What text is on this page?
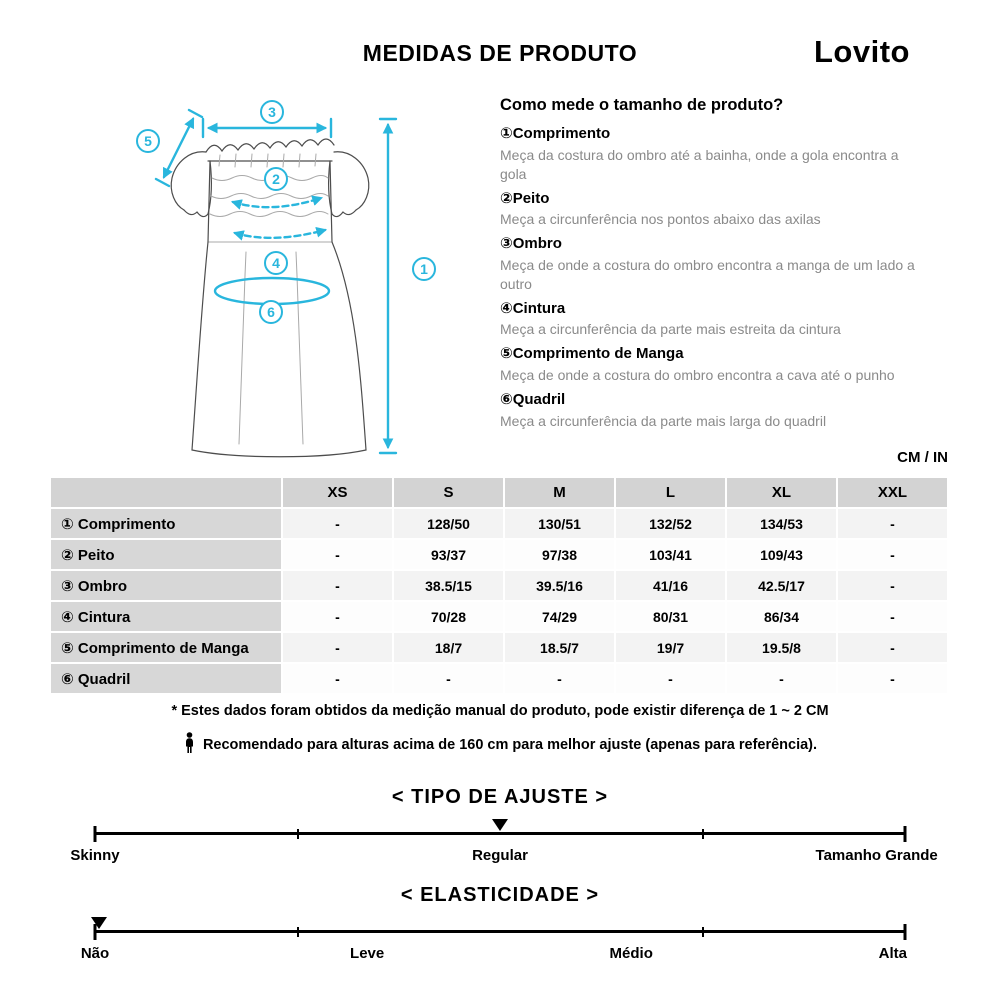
MEDIDAS DE PRODUTO	Lovito
3
5
2
4
6
1
Como mede o tamanho de produto?
①Comprimento
Meça da costura do ombro até a bainha, onde a gola encontra a gola
②Peito
Meça a circunferência nos pontos abaixo das axilas
③Ombro
Meça de onde a costura do ombro encontra a manga de um lado a outro
④Cintura
Meça a circunferência da parte mais estreita da cintura
⑤Comprimento de Manga
Meça de onde a costura do ombro encontra a cava até o punho
⑥Quadril
Meça a circunferência da parte mais larga do quadril
CM / IN
	XS	S	M	L	XL	XXL
① Comprimento	-	128/50	130/51	132/52	134/53	-
② Peito	-	93/37	97/38	103/41	109/43	-
③ Ombro	-	38.5/15	39.5/16	41/16	42.5/17	-
④ Cintura	-	70/28	74/29	80/31	86/34	-
⑤ Comprimento de Manga	-	18/7	18.5/7	19/7	19.5/8	-
⑥ Quadril	-	-	-	-	-	-
* Estes dados foram obtidos da medição manual do produto, pode existir diferença de 1 ~ 2 CM
Recomendado para alturas acima de 160 cm para melhor ajuste (apenas para referência).
< TIPO DE AJUSTE >
Skinny	Regular	Tamanho Grande
< ELASTICIDADE >
Não	Leve	Médio	Alta
